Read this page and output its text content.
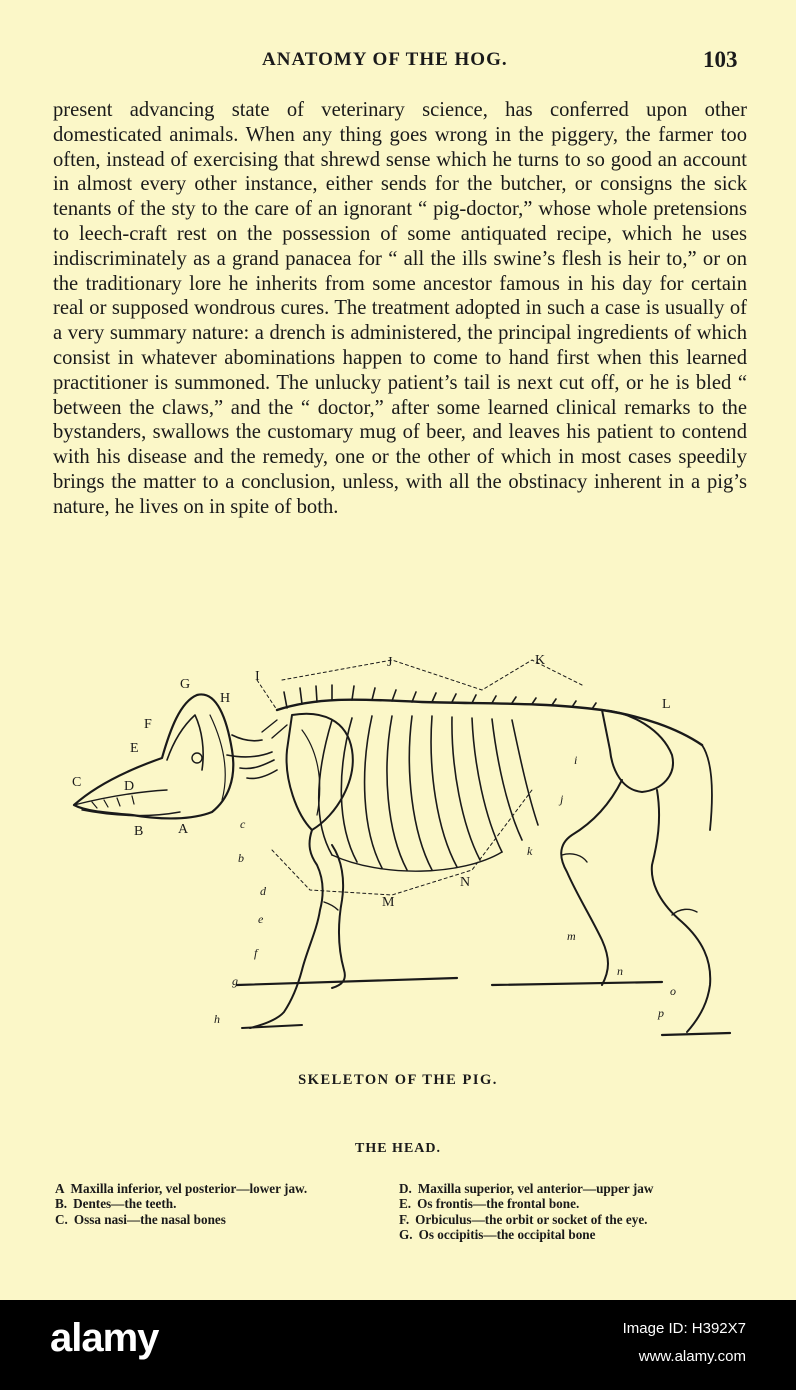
ANATOMY OF THE HOG.	103

present advancing state of veterinary science, has conferred upon other domesticated animals. When any thing goes wrong in the piggery, the farmer too often, instead of exercising that shrewd sense which he turns to so good an account in almost every other instance, either sends for the butcher, or consigns the sick tenants of the sty to the care of an ignorant “ pig-doctor,” whose whole pretensions to leech-craft rest on the possession of some antiquated recipe, which he uses indiscriminately as a grand panacea for “ all the ills swine’s flesh is heir to,” or on the traditionary lore he inherits from some ancestor famous in his day for certain real or supposed wondrous cures. The treatment adopted in such a case is usually of a very summary nature: a drench is administered, the principal ingredients of which consist in whatever abominations happen to come to hand first when this learned practitioner is summoned. The unlucky patient’s tail is next cut off, or he is bled “ between the claws,” and the “ doctor,” after some learned clinical remarks to the bystanders, swallows the customary mug of beer, and leaves his patient to contend with his disease and the remedy, one or the other of which in most cases speedily brings the matter to a conclusion, unless, with all the obstinacy inherent in a pig’s nature, he lives on in spite of both.

G
H
I
J	K
L
F
E
C	D
B A
M
N
c
b
d
e
f
g
h
i
j
k
m
n
o
p
SKELETON OF THE PIG.
THE HEAD.
A Maxilla inferior, vel posterior—lower jaw.
B. Dentes—the teeth.
C. Ossa nasi—the nasal bones
D. Maxilla superior, vel anterior—upper jaw
E. Os frontis—the frontal bone.
F. Orbiculus—the orbit or socket of the eye.
G. Os occipitis—the occipital bone
alamy	Image ID: H392X7
www.alamy.com
